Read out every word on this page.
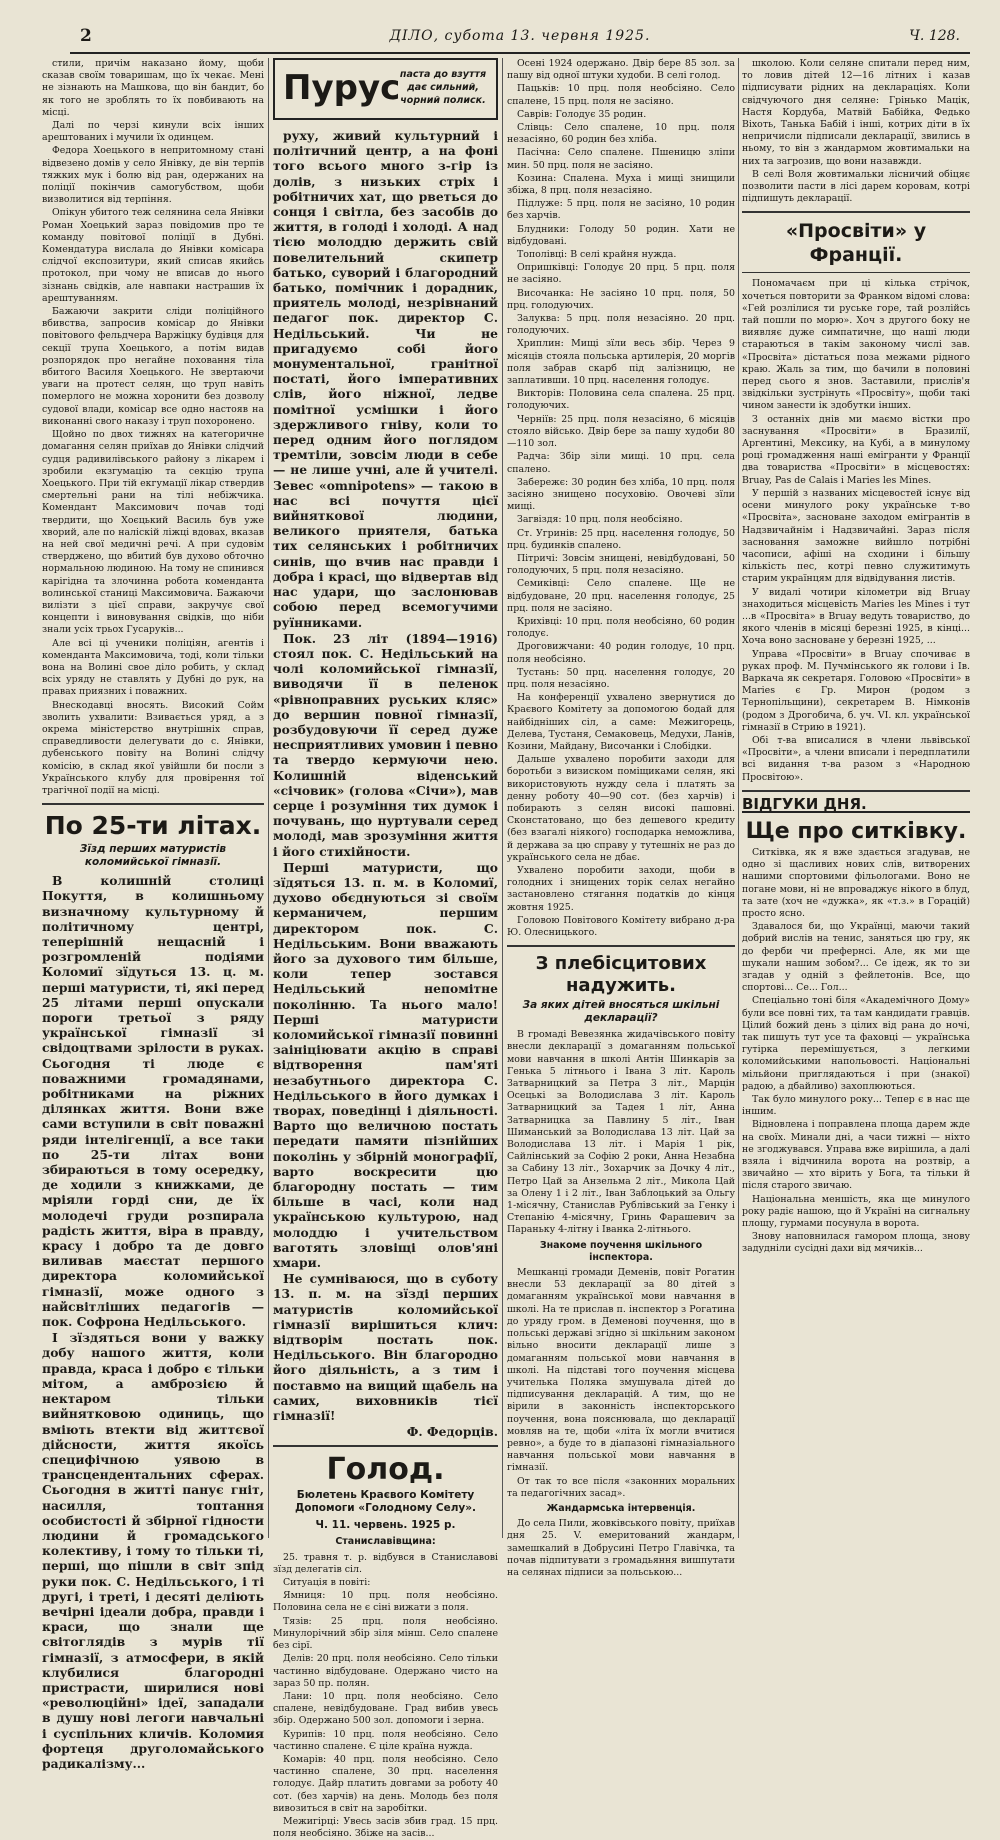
2	ДІЛО, субота 13. червня 1925.	Ч. 128.

стили, причім наказано йому, щоби сказав своїм товаришам, що їх чекає. Мені не зізнають на Машкова, що він бандит, бо як того не зроблять то їх повбивають на місці.

Далі по черзі кинули всіх інших арештованих і мучили їх одинцем.

Федора Хоецького в непритомному стані відвезено домів у село Янівку, де він терпів тяжких мук і болю від ран, одержаних на поліції покінчив самогубством, щоби визволитися від терпіння.

Опікун убитого теж селянина села Янівки Роман Хоецький зараз повідомив про те команду повітової поліції в Дубні. Комендатура вислала до Янівки комісара слідчої експозитури, який списав якийсь протокол, при чому не вписав до нього зізнань свідків, але навпаки настрашив їх арештуванням.

Бажаючи закрити сліди поліційного вбивства, запросив комісар до Янівки повітового фельдчера Варжіцку будівця для секції трупа Хоецького, а потім видав розпорядок про негайне поховання тіла вбитого Василя Хоецького. Не звертаючи уваги на протест селян, що труп навіть померлого не можна хоронити без дозволу судової влади, комісар все одно настояв на виконанні свого наказу і труп похоронено.

Щойно по двох тижнях на категоричне домагання селян приїхав до Янівки слідчий судця радивилівського району з лікарем і зробили екзгумацію та секцію трупа Хоецького. При тій екгумації лікар ствердив смертельні рани на тілі небіжчика. Комендант Максимович почав тоді твердити, що Хоєцький Василь був уже хворий, але по наліскій ліжці вдовах, вказав на ней свої медичні речі. А при судовім стверджено, що вбитий був духово обточно нормальною людиною. На тому не спинився карігідна та злочинна робота коменданта волинської станиці Максимовича. Бажаючи вилізти з цієї справи, закручує свої концепти і виновування свідків, що ніби знали усіх трьох Гусаруків...

Але всі ці ученики поліціян, агентів і коменданта Максимовича, тоді, коли тільки вона на Волині свое діло робить, у склад всіх уряду не ставлять у Дубні до рук, на правах приязних і поважних.

Внескодавці вносять. Високий Сойм зволить ухвалити: Взивається уряд, а з окрема міністерство внутрішніх справ, справедливости делегувати до с. Янівки, дубенського повіту на Волині слідчу комісію, в склад якої увійшли би посли з Українського клубу для провірення тої трагічної події на місці.

По 25-ти літах.
Зїзд перших матуристів коломийської гімназії.

В колишній столиці Покуття, в колишньому визначному культурному й політичному центрі, теперішній нещасній і розгромленій подіями Коломиї зїдуться 13. ц. м. перші матуристи, ті, які перед 25 літами перші опускали пороги третьої з ряду української гімназії зі свідоцтвами зрілости в руках. Сьогодня ті люде є поважними громадянами, робітниками на ріжних ділянках життя. Вони вже сами вступили в світ поважні ряди інтелігенції, а все таки по 25-ти літах вони збираються в тому осередку, де ходили з книжками, де мріяли горді сни, де їх молодечі груди розпирала радість життя, віра в правду, красу і добро та де довго виливав маєстат першого директора коломийської гімназії, може одного з найсвітліших педагогів — пок. Софрона Недільського.

І зїздяться вони у важку добу нашого життя, коли правда, краса і добро є тільки мітом, а амброзією й нектаром тільки вийнятковою одиниць, що вміють втекти від життєвої дійсности, життя якоїсь специфічною уявою в трансцендентальних сферах. Сьогодня в життi панує гніт, насилля, топтання особистості й збірної гідности людини й громадського колективу, і тому то тільки ті, перші, що пішли в світ зпід руки пок. С. Недільського, і ті другі, і треті, і десяті деліють вечірні ідеали добра, правди і краси, що знали ще світоглядів з мурів тії гімназії, з атмосфери, в якій клубилися благородні пристрасти, ширилися нові «революційні» ідеї, западали в душу нові легоги навчальні і суспільних кличів. Коломия фортеця друголомайського радикалізму...

Пурус паста до взуття дає сильний, чорний полиск.

руху, живий культурний і політичний центр, а на фоні того всього много з-гір із долів, з низьких стріх і робітничих хат, що рветься до сонця і світла, без засобів до життя, в голоді і холоді. А над тією молоддю держить свій повелительний скипетр батько, суворий і благородний батько, помічник і дорадник, приятель молоді, незрівнаний педагог пок. директор С. Недільський. Чи не пригадуємо собі його монументальної, гранітної постаті, його імперативних слів, його ніжної, ледве помітної усмішки і його здержливого гніву, коли то перед одним його поглядом тремтіли, зовсім люди в себе — не лише учні, але й учителі. Зевес «omnipotens» — такою в нас всі почуття цієї вийняткової людини, великого приятеля, батька тих селянських і робітничих синів, що вчив нас правди і добра і красі, що відвертав від нас удари, що заслонював собою перед всемогучими руїнниками.

Пок. 23 літ (1894—1916) стоял пок. С. Недільський на чолі коломийської гімназії, виводячи її в пеленок «рівноправних руських кляс» до вершин повної гімназії, розбудовуючи її серед дуже несприятливих умовин і певно та твердо кермуючи нею. Колишній віденський «січовик» (голова «Січи»), мав серце і розуміння тих думок і почувань, що нуртували серед молоді, мав зрозуміння життя і його стихійности.

Перші матуристи, що зїдяться 13. п. м. в Коломиї, духово обєднуються зі своїм керманичем, першим директором пок. С. Недільським. Вони вважають його за духового тим більше, коли тепер зостався Недільський непомітне поколінню. Та нього мало! Перші матуристи коломийської гімназії повинні заініціювати акцію в справі відтворення пам'яті незабутнього директора С. Недільського в його думках і творах, поведінці і діяльності. Варто що величною постать передати памяти пізнійших поколінь у збірній монографії, варто воскресити цю благородну постать — тим більше в часі, коли над українською культурою, над молоддю і учительством ваготять зловіщі олов'яні хмари.

Не сумніваюся, що в суботу 13. п. м. на зїзді перших матуристів коломийської гімназії вирішиться клич: відтворім постать пок. Недільського. Він благородно його діяльність, а з тим і поставмо на вищий щабель на самих, виховників тієї гімназії!

Ф. Федорців.

Голод.
Бюлетень Краєвого Комітету Допомоги «Голодному Селу».
Ч. 11. червень. 1925 р.
Станиславівщина:

25. травня т. р. відбувся в Станиславові зїзд делегатів сіл.

Ситуація в повіті:

Ямниця: 10 прц. поля необсіяно. Половина села не є ciні вижати з поля.

Тязів: 25 прц. поля необсіяно. Минулорічний збір зіля мінш. Село спалене без сірї.

Делів: 20 прц. поля необсіяно. Село тільки частинно відбудоване. Одержано чисто на зараз 50 пр. полян.

Лани: 10 прц. поля необсіяно. Село спалене, невідбудоване. Град вибив увесь збір. Одержано 500 зол. допомоги і зерна.

Курипів: 10 прц. поля необсіяно. Село частинно спалене. Є ціле країна нужда.

Комарів: 40 прц. поля необсіяно. Село частинно спалене, 30 прц. населення голодує. Дайр платить довгами за роботу 40 сот. (без харчів) на день. Молодь без поля вивозиться в світ на заробітки.

Межигірці: Увесь засів збив град. 15 прц. поля необсіяно. Збіже на засів...

Осені 1924 одержано. Двір бере 85 зол. за пашу від одної штуки худоби. В селі голод.

Пацьків: 10 прц. поля необсіяно. Село спалене, 15 прц. поля не засіяно.

Саврів: Голодує 35 родин.

Слівць: Село спалене, 10 прц. поля незасіяно, 60 родин без хліба.

Пасічна: Село спалене. Пшеницю зліпи мин. 50 прц. поля не засіяно.

Козина: Спалена. Муха і мищі знищили збіжа, 8 прц. поля незасіяно.

Підлуже: 5 прц. поля не засіяно, 10 родин без харчів.

Блудники: Голоду 50 родин. Хати не відбудовані.

Тополівці: В селі крайня нужда.

Опришківці: Голодує 20 прц. 5 прц. поля не засіяно.

Височанка: Не засіяно 10 прц. поля, 50 прц. голодуючих.

Залуква: 5 прц. поля незасіяно. 20 прц. голодуючих.

Хриплин: Мищі зїли весь збір. Через 9 місяців стояла польська артилерія, 20 моргів поля забрав скарб під залізницю, не заплативши. 10 прц. населення голодує.

Викторів: Половина села спалена. 25 прц. голодуючих.

Черніїв: 25 прц. поля незасіяно, 6 місяців стояло військо. Двір бере за пашу худоби 80—110 зол.

Радча: Збір зіли мищі. 10 прц. села спалено.

Забережє: 30 родин без хліба, 10 прц. поля засіяно знищено посуховію. Овочеві зїли мищі.

Загвіздя: 10 прц. поля необсіяно.

Ст. Угринів: 25 прц. населення голодує, 50 прц. будинків спалено.

Пітричі: Зовсім знищені, невідбудовані, 50 голодуючих, 5 прц. поля незасіяно.

Семиківці: Село спалене. Ще не відбудоване, 20 прц. населення голодує, 25 прц. поля не засіяно.

Крихівці: 10 прц. поля необсіяно, 60 родин голодує.

Дроговижчани: 40 родин голодує, 10 прц. поля необсіяно.

Тустань: 50 прц. населення голодує, 20 прц. поля незасіяно.

На конференції ухвалено звернутися до Краєвого Комітету за допомогою бодай для найбідніших сіл, а саме: Межигорець, Делева, Тустаня, Семаковець, Медухи, Ланів, Козини, Майдану, Височанки і Слобідки.

Дальше ухвалено поробити заходи для боротьби з визиском поміщиками селян, які використовують нужду села і платять за денну роботу 40—90 сот. (без харчів) і побирають з селян високі пашовні. Сконстатовано, що без дешевого кредиту (без взагалі ніякого) господарка неможлива, й держава за цю справу у тутешніх не раз до українського села не дбає.

Ухвалено поробити заходи, щоби в голодних і знищених торік селах негайно застановлено стягання податків до кінця жовтня 1925.

Головою Повітового Комітету вибрано д-ра Ю. Олесницького.

З плебісцитових надужить.
За яких дітей вносяться шкільні декларації?

В громаді Вевезянка жидачівського повіту внесли декларації з домаганням польської мови навчання в школі Антін Шинкарів за Генька 5 літнього і Івана 3 літ. Кароль Затварницкий за Петра 3 літ., Марцін Осецькі за Володислава 3 літ. Кароль Затварницкий за Тадея 1 літ, Анна Затварницка за Павлину 5 літ., Іван Шиманський за Володислава 13 літ. Цай за Володислава 13 літ. і Марія 1 рік, Сайлінський за Софію 2 роки, Анна Незабна за Сабину 13 літ., Зохарчик за Дочку 4 літ., Петро Цай за Анзельма 2 літ., Микола Цай за Олену 1 і 2 літ., Іван Заблоцький за Ольгу 1-місячну, Станислав Рублівський за Генку і Степанію 4-місячну, Гринь Фарашевич за Параньку 4-літну і Іванка 2-літнього.

Знакоме поучення шкільного інспектора.

Мешканці громади Деменів, повіт Рогатин внесли 53 декларації за 80 дітей з домаганням української мови навчання в школі. На те прислав п. інспектор з Рогатина до уряду гром. в Деменові поучення, що в польські державі згідно зі шкільним законом вільно вносити декларації лише з домаганням польської мови навчання в школі. На підставі того поучення місцева учителька Поляка змушувала дітей до підписування декларацій. А тим, що не вірили в законність інспекторського поучення, вона пояснювала, що декларації мовляв на те, щоби «літа їх могли вчитися ревно», а буде то в діапазоні гімназіального навчання польської мови навчання в гімназії.

От так то все після «законних моральних та педагогічних засад».

Жандармська інтервенція.

До села Пили, жовківського повіту, приїхав дня 25. V. емеритований жандарм, замешкалий в Добрусині Петро Главічка, та почав підпитувати з громадьяння вишпутати на селянах підписи за польською...

школою. Коли селяне спитали перед ним, то ловив дітей 12—16 літних і казав підписувати рідних на деклараціях. Коли свідчуючого дня селяне: Грінько Мацік, Настя Кордуба, Матвій Бабійка, Федько Віхоть, Танька Бабій і інші, котрих діти в їх непричисли підписали декларації, звились в ньому, то він з жандармом жовтимальки на них та загрозив, що вони назавжди.

В селі Воля жовтимальки лісничий обіцяє позволити пасти в лісі дарем коровам, котрі підпишуть декларації.

«Просвіти» у Франції.

Пономачаєм при ці кілька стрічок, хочеться повторити за Франком відомі слова: «Гей розлілися ти руське горе, тай розлійсь тай пошли по морю». Хоч з другого боку не виявляє дуже симпатичне, що наші люди стараються в такім законому числі зав. «Просвіта» дістаться поза межами рідного краю. Жаль за тим, що бачили в половині перед сього я знов. Заставили, прислів'я звідкільки зустрінуть «Просвіту», щоби такі чином занести ік здобутки інших.

З останніх днів ми маємо вістки про заснування «Просвіти» в Бразилії, Аргентині, Мексику, на Кубі, а в минулому році громадження наші емігранти у Франції два товариства «Просвіти» в місцевостях: Bruay, Pas de Calais і Maries les Mines.

У першій з названих місцевостей існує від осени минулого року українське т-во «Просвіта», засноване заходом емігрантів в Надзвичайнім і Надзвичайні. Зараз після засновання заможне вийшло потрібні часописи, афіші на сходини і більшу кількість пес, котрі певно служитимуть старим українцям для відвідування листів.

У видалі чотири кілометри від Bruay знаходиться місцевість Maries les Mines і тут ...в «Просвіта» в Bruay ведуть товариство, до якого членів в місяці березні 1925, в кінці... Хоча воно засноване у березні 1925, ...

Управа «Просвіти» в Bruay спочиває в руках проф. М. Пучмінського як голови і Ів. Варкача як секретаря. Головою «Просвіти» в Maries є Гр. Мирон (родом з Тернопільщини), секретарем В. Німконів (родом з Дрогобича, б. уч. VI. кл. української гімназії в Стрию в 1921).

Обі т-ва вписалися в члени львівської «Просвіти», а члени вписали і передплатили всі видання т-ва разом з «Народною Просвітою».

ВІДГУКИ ДНЯ.
Ще про ситківку.

Ситківка, як я вже здається згадував, не одно зі щасливих нових слів, витворених нашими спортовими фільологами. Воно не погане мови, ні не впроваджує нікого в блуд, та зате (хоч не «дужка», як «т.з.» в Горацій) просто ясно.

Здавалося би, що Українці, маючи такий добрий вислів на тенис, заняться цю гру, як до ферби чи префернсі. Але, як ми ще шукали нашим зобом?... Се ідеж, як то зи згадав у одній з фейлетонів. Все, що спортові... Се... Гол...

Спеціально тоні біля «Академічного Дому» були все повні тих, та там кандидати гравців. Цілий божий день з цілих від рана до ночі, так пишуть тут усе та фаховці — українська гутірка перемішується, з легкими коломийськими напольовості. Національні мільйони приглядаються і при (знакої) радою, а дбайливо) захоплюються.

Так було минулого року... Тепер є в нас ще іншим.

Відновлена і поправлена площа дарем жде на своїх. Минали дні, а часи тижні — ніхто не згоджувався. Управа вже вирішила, а далі взяла і відчинила ворота на розтвір, а звичайно — хто вірить у Бога, та тільки й після старого звичаю.

Національна меншість, яка ще минулого року радіє нашою, що й Україні на сигнальну площу, гурмами посунула в ворота.

Знову наповнилася гамором площа, знову задудніли сусідні дахи від мячиків...
